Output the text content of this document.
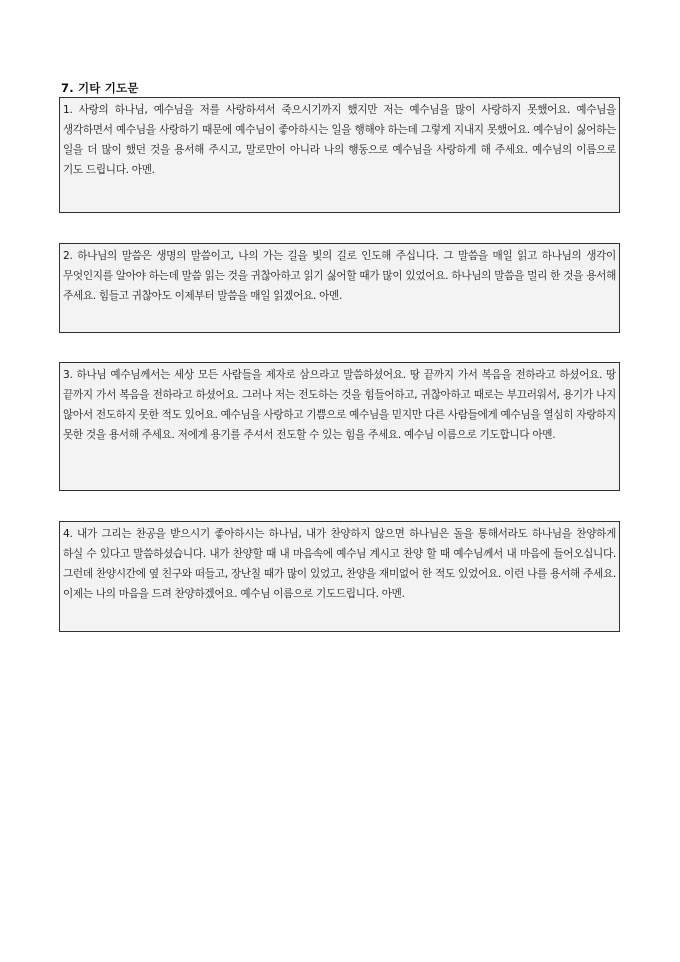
7. 기타 기도문

1. 사랑의 하나님, 예수님을 저를 사랑하셔서 죽으시기까지 했지만 저는 예수님을 많이 사랑하지 못했어요. 예수님을 생각하면서 예수님을 사랑하기 때문에 예수님이 좋아하시는 일을 행해야 하는데 그렇게 지내지 못했어요. 예수님이 싫어하는 일을 더 많이 했던 것을 용서해 주시고, 말로만이 아니라 나의 행동으로 예수님을 사랑하게 해 주세요. 예수님의 이름으로 기도 드립니다. 아멘.

2. 하나님의 말씀은 생명의 말씀이고, 나의 가는 길을 빛의 길로 인도해 주십니다. 그 말씀을 매일 읽고 하나님의 생각이 무엇인지를 알아야 하는데 말씀 읽는 것을 귀찮아하고 읽기 싫어할 때가 많이 있었어요. 하나님의 말씀을 멀리 한 것을 용서해 주세요. 힘들고 귀찮아도 이제부터 말씀을 매일 읽겠어요. 아멘.

3. 하나님 예수님께서는 세상 모든 사람들을 제자로 삼으라고 말씀하셨어요. 땅 끝까지 가서 복음을 전하라고 하셨어요. 땅 끝까지 가서 복음을 전하라고 하셨어요. 그러나 저는 전도하는 것을 힘들어하고, 귀찮아하고 때로는 부끄러워서, 용기가 나지 않아서 전도하지 못한 적도 있어요. 예수님을 사랑하고 기쁨으로 예수님을 믿지만 다른 사람들에게 예수님을 열심히 자랑하지 못한 것을 용서해 주세요. 저에게 용기를 주셔서 전도할 수 있는 힘을 주세요. 예수님 이름으로 기도합니다 아멘.

4. 내가 그리는 찬공을 받으시기 좋아하시는 하나님, 내가 찬양하지 않으면 하나님은 돌을 통해서라도 하나님을 찬양하게 하실 수 있다고 말씀하셨습니다. 내가 찬양할 때 내 마음속에 예수님 계시고 찬양 할 때 예수님께서 내 마음에 들어오십니다. 그런데 찬양시간에 옆 친구와 떠들고, 장난칠 때가 많이 있었고, 찬양을 재미없어 한 적도 있었어요. 이런 나를 용서해 주세요. 이제는 나의 마음을 드려 찬양하겠어요. 예수님 이름으로 기도드립니다. 아멘.
